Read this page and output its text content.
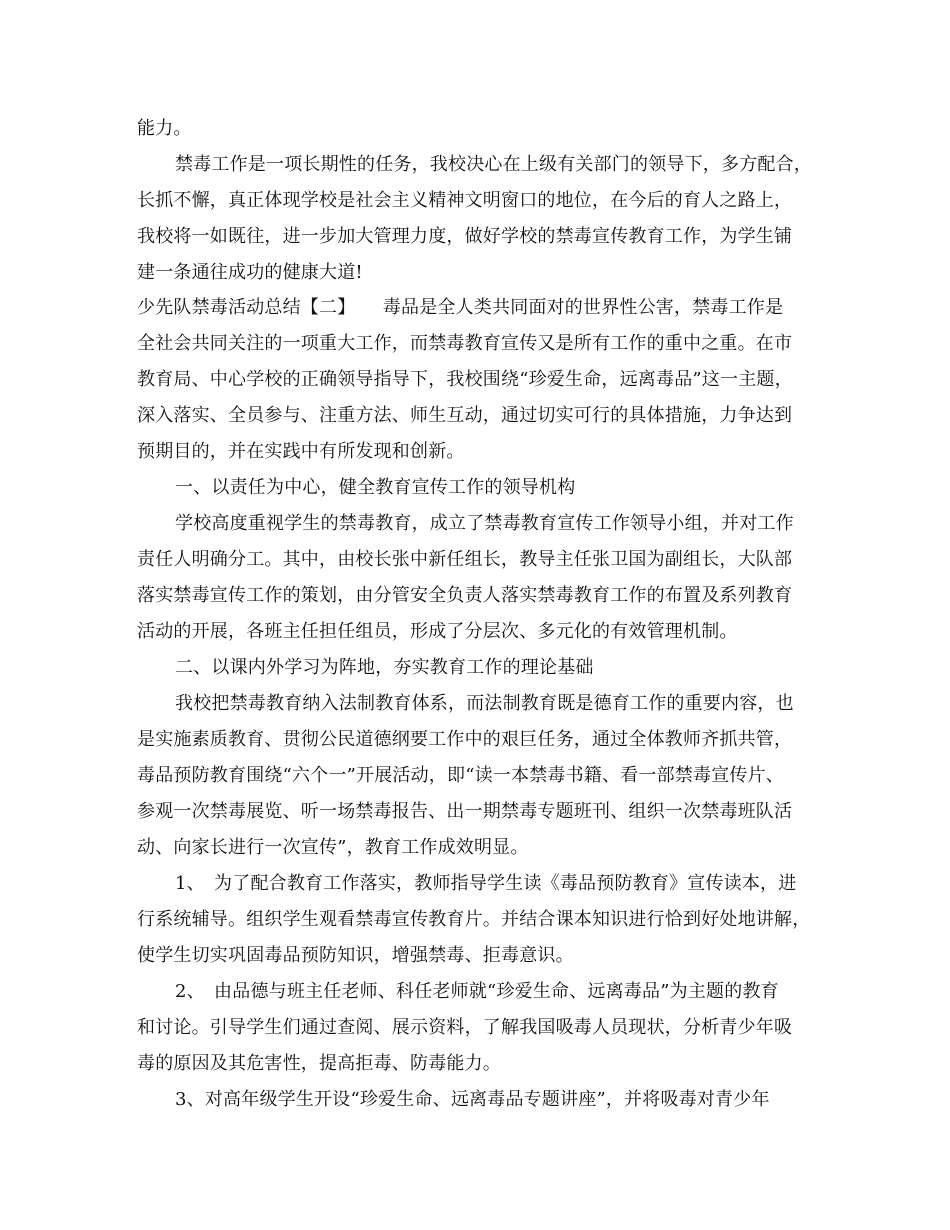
能力。
禁毒工作是一项长期性的任务，我校决心在上级有关部门的领导下，多方配合，
长抓不懈，真正体现学校是社会主义精神文明窗口的地位，在今后的育人之路上，
我校将一如既往，进一步加大管理力度，做好学校的禁毒宣传教育工作，为学生铺
建一条通往成功的健康大道!
少先队禁毒活动总结【二】　　毒品是全人类共同面对的世界性公害，禁毒工作是
全社会共同关注的一项重大工作，而禁毒教育宣传又是所有工作的重中之重。在市
教育局、中心学校的正确领导指导下，我校围绕“珍爱生命，远离毒品”这一主题，
深入落实、全员参与、注重方法、师生互动，通过切实可行的具体措施，力争达到
预期目的，并在实践中有所发现和创新。
一、以责任为中心，健全教育宣传工作的领导机构
学校高度重视学生的禁毒教育，成立了禁毒教育宣传工作领导小组，并对工作
责任人明确分工。其中，由校长张中新任组长，教导主任张卫国为副组长，大队部
落实禁毒宣传工作的策划，由分管安全负责人落实禁毒教育工作的布置及系列教育
活动的开展，各班主任担任组员，形成了分层次、多元化的有效管理机制。
二、以课内外学习为阵地，夯实教育工作的理论基础
我校把禁毒教育纳入法制教育体系，而法制教育既是德育工作的重要内容，也
是实施素质教育、贯彻公民道德纲要工作中的艰巨任务，通过全体教师齐抓共管，
毒品预防教育围绕“六个一”开展活动，即“读一本禁毒书籍、看一部禁毒宣传片、
参观一次禁毒展览、听一场禁毒报告、出一期禁毒专题班刊、组织一次禁毒班队活
动、向家长进行一次宣传”，教育工作成效明显。
1、　为了配合教育工作落实，教师指导学生读《毒品预防教育》宣传读本，进
行系统辅导。组织学生观看禁毒宣传教育片。并结合课本知识进行恰到好处地讲解，
使学生切实巩固毒品预防知识，增强禁毒、拒毒意识。
2、　由品德与班主任老师、科任老师就“珍爱生命、远离毒品”为主题的教育
和讨论。引导学生们通过查阅、展示资料，了解我国吸毒人员现状，分析青少年吸
毒的原因及其危害性，提高拒毒、防毒能力。
3、对高年级学生开设“珍爱生命、远离毒品专题讲座”，并将吸毒对青少年
